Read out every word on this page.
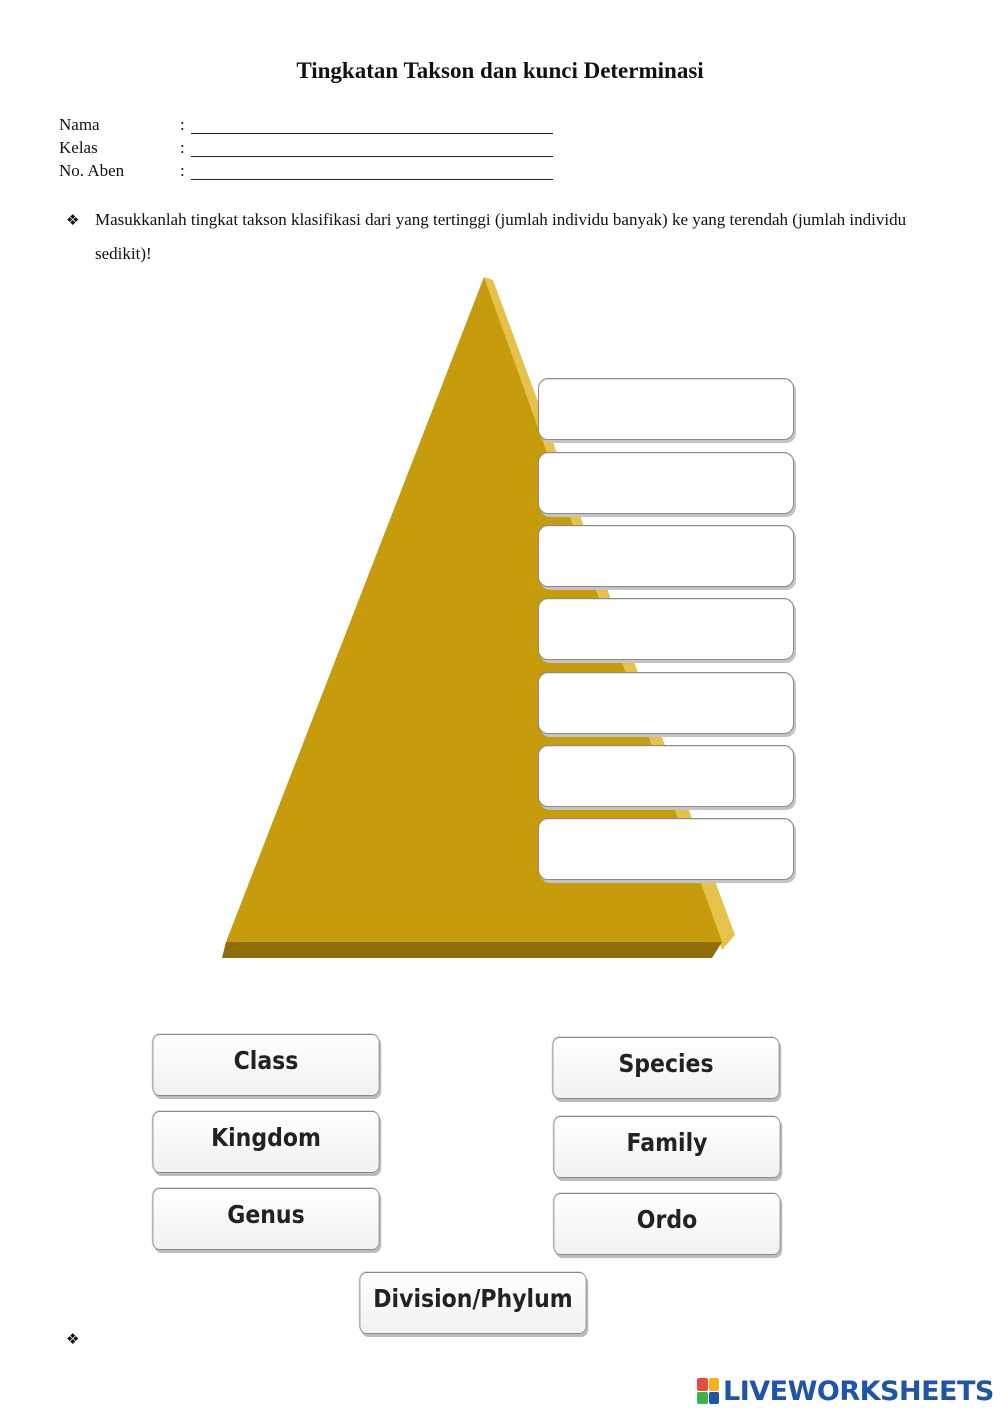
Tingkatan Takson dan kunci Determinasi
Nama	:
Kelas	:
No. Aben	:
❖ Masukkanlah tingkat takson klasifikasi dari yang tertinggi (jumlah individu banyak) ke yang terendah (jumlah individu sedikit)!
Class	Species
Kingdom	Family
Genus	Ordo
Division/Phylum
❖
LIVEWORKSHEETS
